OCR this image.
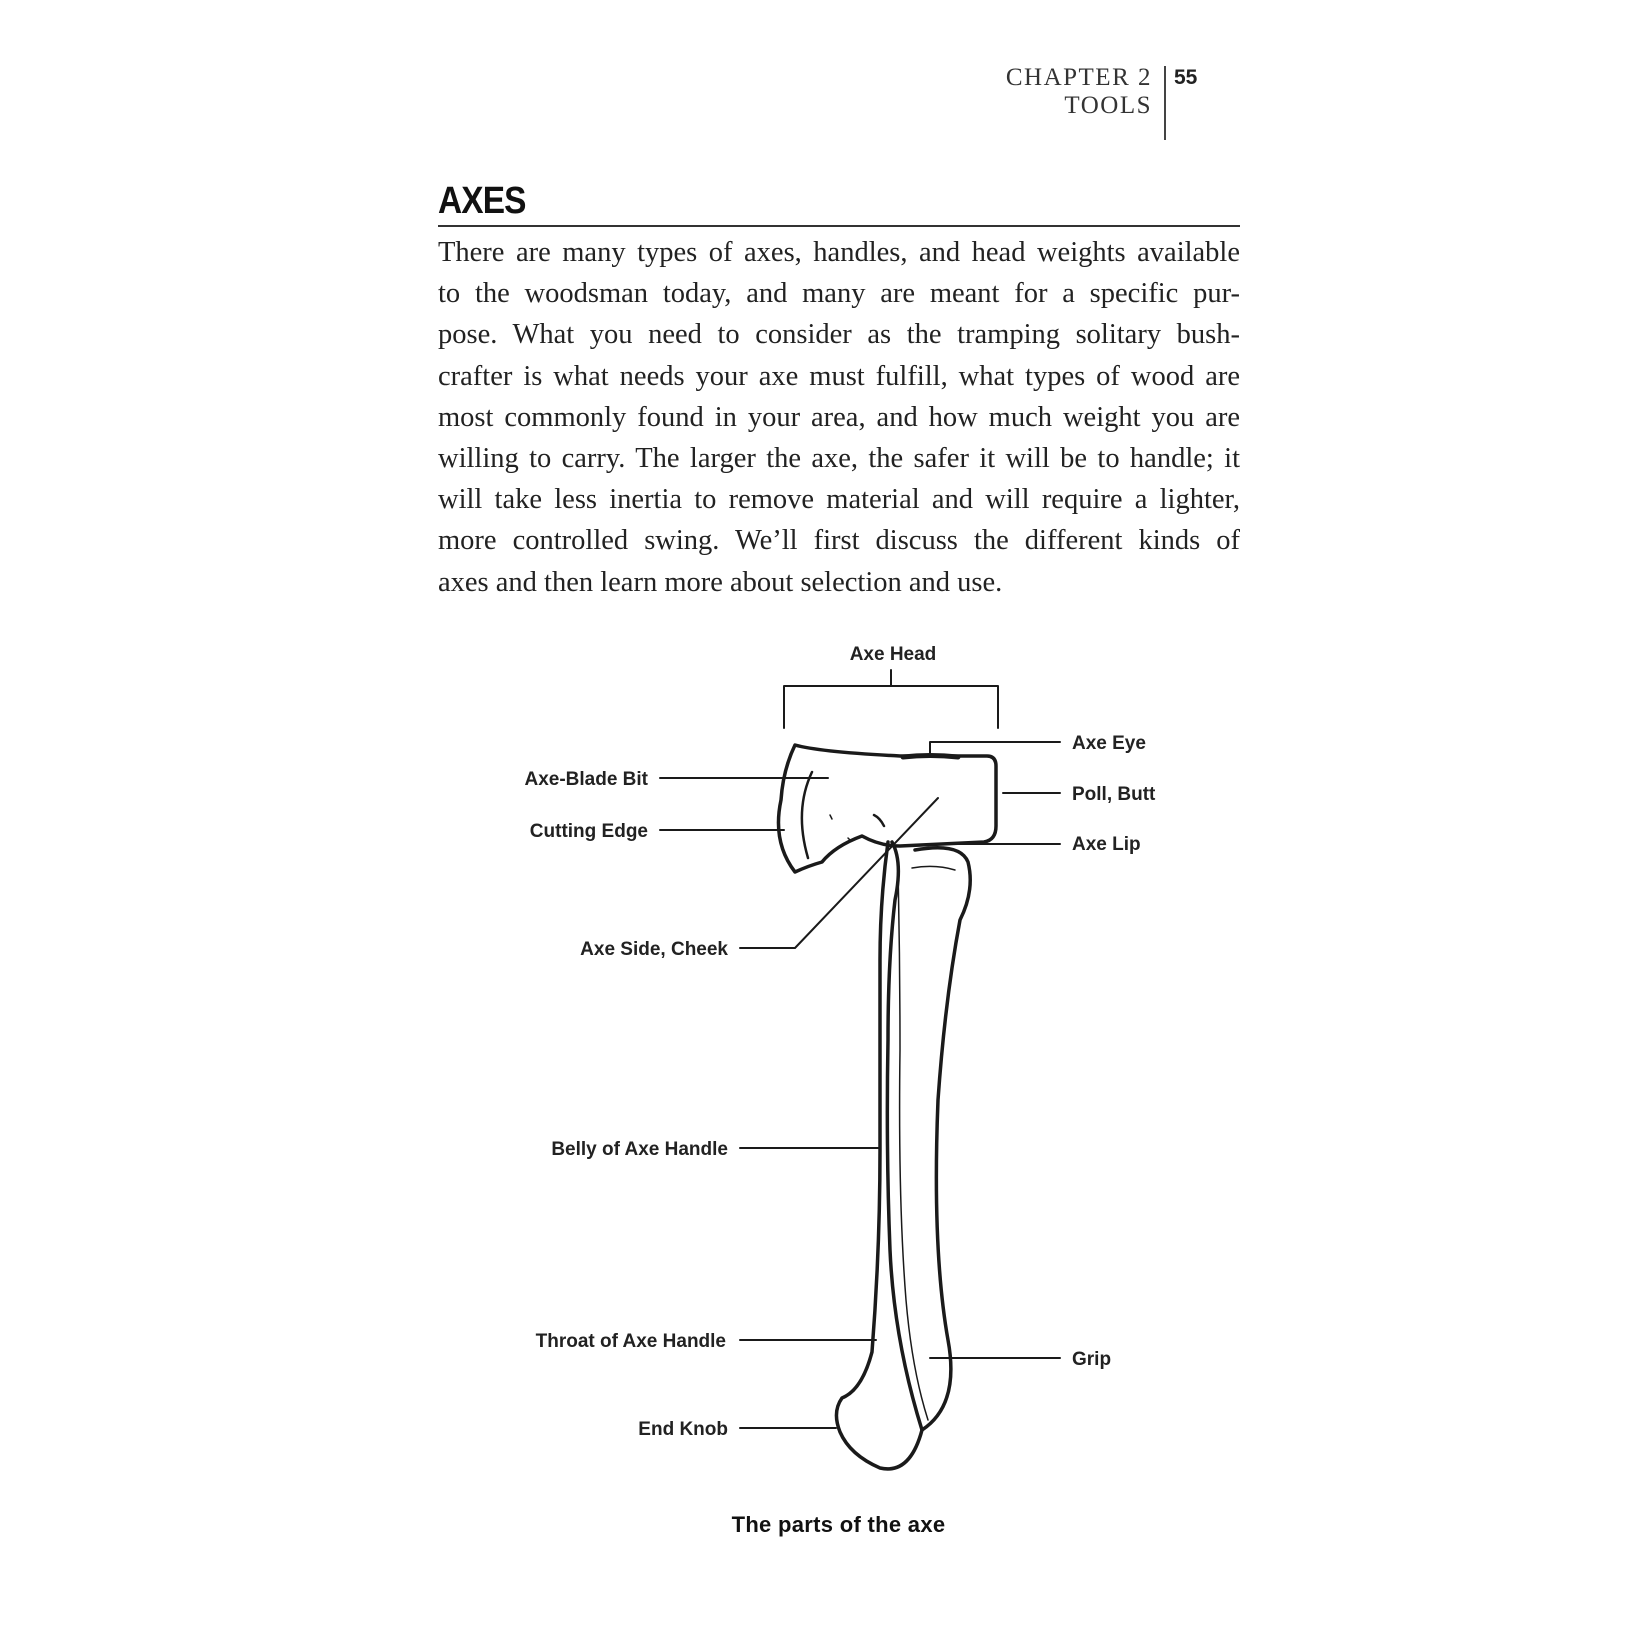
CHAPTER 2
TOOLS
55
AXES

There are many types of axes, handles, and head weights available
to the woodsman today, and many are meant for a specific pur-
pose. What you need to consider as the tramping solitary bush-
crafter is what needs your axe must fulfill, what types of wood are
most commonly found in your area, and how much weight you are
willing to carry. The larger the axe, the safer it will be to handle; it
will take less inertia to remove material and will require a lighter,
more controlled swing. We’ll first discuss the different kinds of
axes and then learn more about selection and use.

Axe Head
Axe Eye
Axe-Blade Bit
Poll, Butt
Cutting Edge
Axe Lip
Axe Side, Cheek
Belly of Axe Handle
Throat of Axe Handle
Grip
End Knob
The parts of the axe
